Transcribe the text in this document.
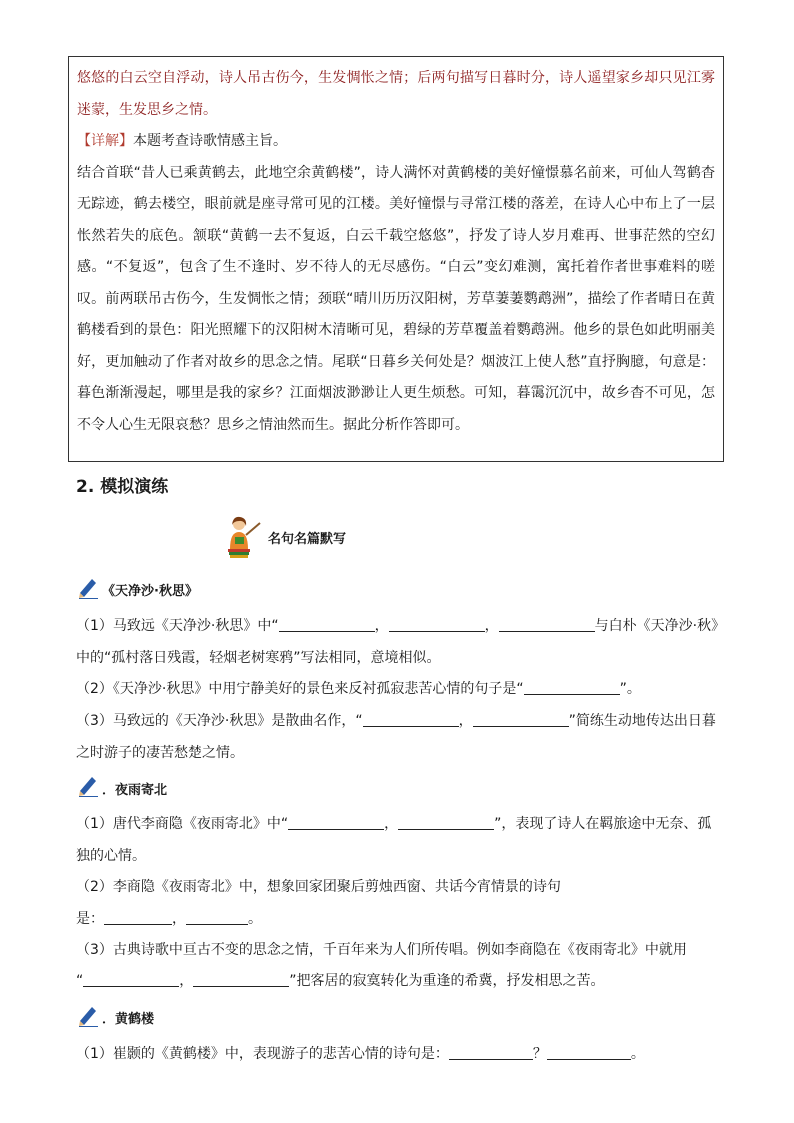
悠悠的白云空自浮动，诗人吊古伤今，生发惆怅之情；后两句描写日暮时分，诗人遥望家乡却只见江雾迷蒙，生发思乡之情。

【详解】本题考查诗歌情感主旨。

结合首联“昔人已乘黄鹤去，此地空余黄鹤楼”，诗人满怀对黄鹤楼的美好憧憬慕名前来，可仙人驾鹤杳无踪迹，鹤去楼空，眼前就是座寻常可见的江楼。美好憧憬与寻常江楼的落差，在诗人心中布上了一层怅然若失的底色。颔联“黄鹤一去不复返，白云千载空悠悠”，抒发了诗人岁月难再、世事茫然的空幻感。“不复返”，包含了生不逢时、岁不待人的无尽感伤。“白云”变幻难测，寓托着作者世事难料的嗟叹。前两联吊古伤今，生发惆怅之情；颈联“晴川历历汉阳树，芳草萋萋鹦鹉洲”，描绘了作者晴日在黄鹤楼看到的景色：阳光照耀下的汉阳树木清晰可见，碧绿的芳草覆盖着鹦鹉洲。他乡的景色如此明丽美好，更加触动了作者对故乡的思念之情。尾联“日暮乡关何处是？烟波江上使人愁”直抒胸臆，句意是：暮色渐渐漫起，哪里是我的家乡？江面烟波渺渺让人更生烦愁。可知，暮霭沉沉中，故乡杳不可见，怎不令人心生无限哀愁？思乡之情油然而生。据此分析作答即可。

2. 模拟演练
名句名篇默写
《天净沙·秋思》

（1）马致远《天净沙·秋思》中“	，	，	与白朴《天净沙·秋》中的“孤村落日残霞，轻烟老树寒鸦”写法相同，意境相似。

（2）《天净沙·秋思》中用宁静美好的景色来反衬孤寂悲苦心情的句子是“	”。

（3）马致远的《天净沙·秋思》是散曲名作，“	，	”简练生动地传达出日暮之时游子的凄苦愁楚之情。

．夜雨寄北

（1）唐代李商隐《夜雨寄北》中“	，	”，表现了诗人在羁旅途中无奈、孤独的心情。

（2）李商隐《夜雨寄北》中，想象回家团聚后剪烛西窗、共话今宵情景的诗句

是：	，	。

（3）古典诗歌中亘古不变的思念之情，千百年来为人们所传唱。例如李商隐在《夜雨寄北》中就用

“	，	”把客居的寂寞转化为重逢的希冀，抒发相思之苦。

．黄鹤楼

（1）崔颢的《黄鹤楼》中，表现游子的悲苦心情的诗句是：	？	。
